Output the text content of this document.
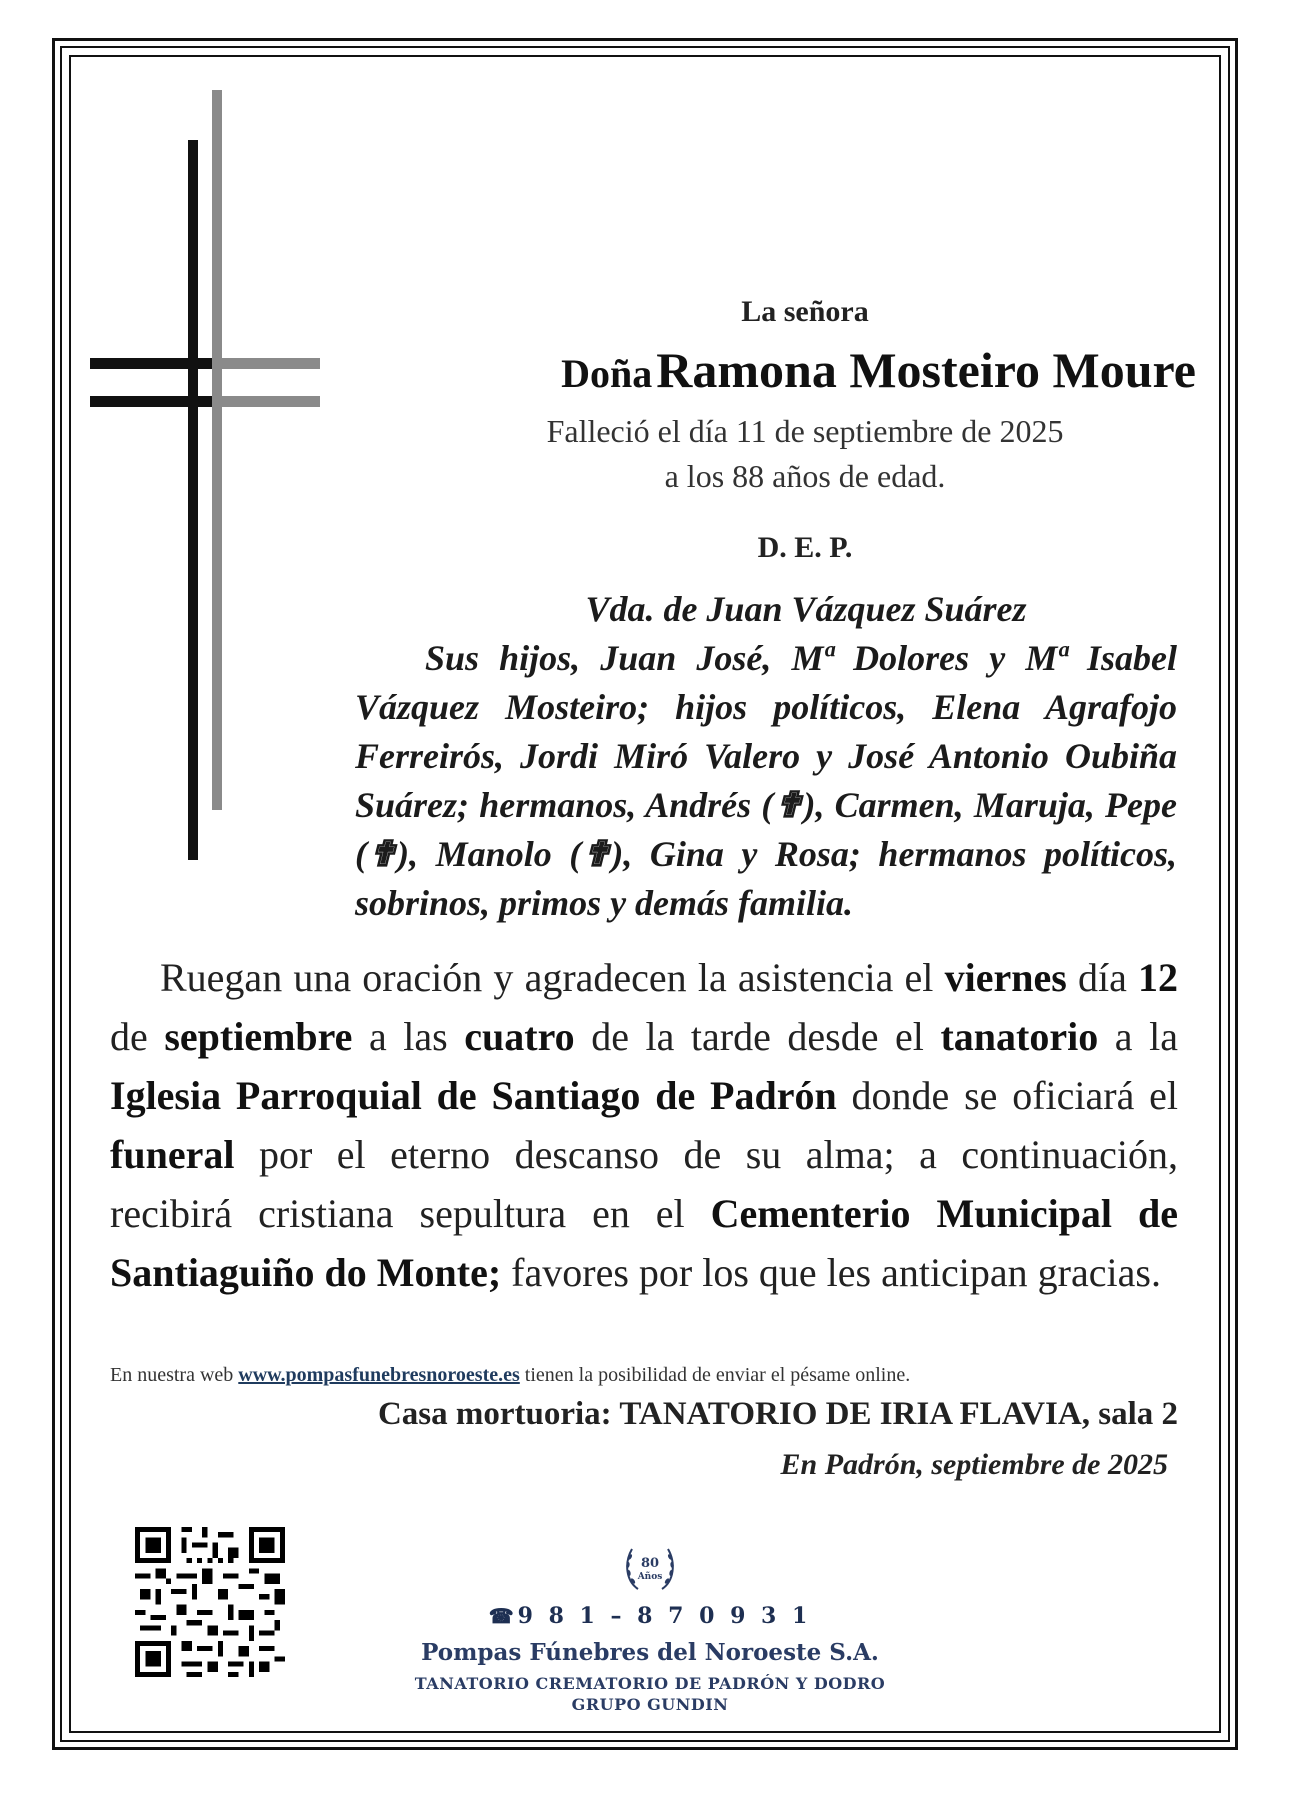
La señora

Doña Ramona Mosteiro Moure

Falleció el día 11 de septiembre de 2025

a los 88 años de edad.

D. E. P.

Vda. de Juan Vázquez Suárez

Sus hijos, Juan José, Mª Dolores y Mª Isabel Vázquez Mosteiro; hijos políticos, Elena Agrafojo Ferreirós, Jordi Miró Valero y José Antonio Oubiña Suárez; hermanos, Andrés (✟), Carmen, Maruja, Pepe (✟), Manolo (✟), Gina y Rosa; hermanos políticos, sobrinos, primos y demás familia.

Ruegan una oración y agradecen la asistencia el viernes día 12 de septiembre a las cuatro de la tarde desde el tanatorio a la Iglesia Parroquial de Santiago de Padrón donde se oficiará el funeral por el eterno descanso de su alma; a continuación, recibirá cristiana sepultura en el Cementerio Municipal de Santiaguiño do Monte; favores por los que les anticipan gracias.

En nuestra web www.pompasfunebresnoroeste.es tienen la posibilidad de enviar el pésame online.
Casa mortuoria: TANATORIO DE IRIA FLAVIA, sala 2
En Padrón, septiembre de 2025
80
Años
☎ 9 8 1 – 8 7 0 9 3 1
Pompas Fúnebres del Noroeste S.A.
TANATORIO CREMATORIO DE PADRÓN Y DODRO
GRUPO GUNDIN
